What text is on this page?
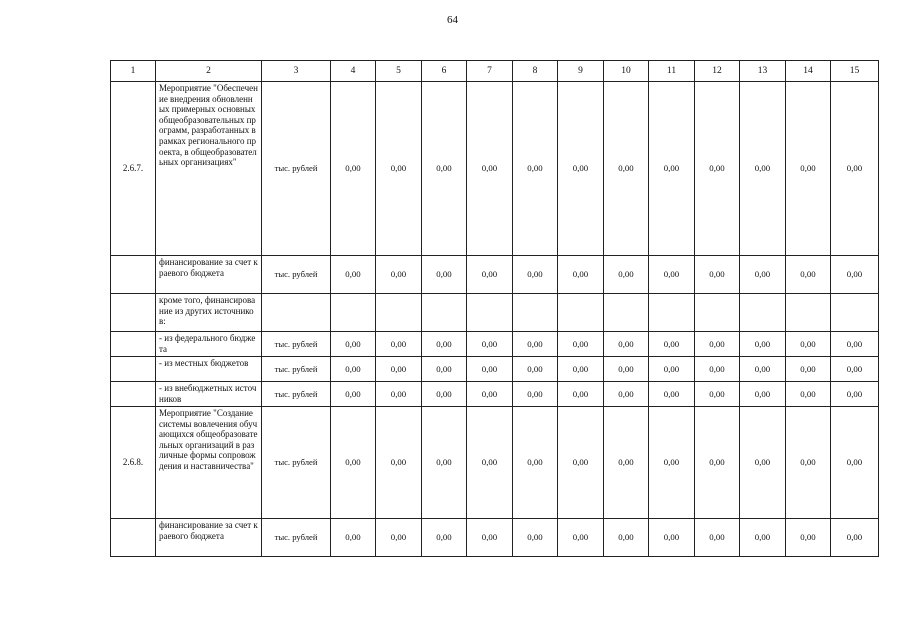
64
1	2	3	4	5	6	7	8	9	10	11	12	13	14	15
2.6.7.	Мероприятие "Обеспечение внедрения обновленных примерных основных общеобразовательных программ, разработанных в рамках регионального проекта, в общеобразовательных организациях"	тыс. рублей	0,00	0,00	0,00	0,00	0,00	0,00	0,00	0,00	0,00	0,00	0,00	0,00
	финансирование за счет краевого бюджета	тыс. рублей	0,00	0,00	0,00	0,00	0,00	0,00	0,00	0,00	0,00	0,00	0,00	0,00
	кроме того, финансирование из других источников:													
	- из федерального бюджета	тыс. рублей	0,00	0,00	0,00	0,00	0,00	0,00	0,00	0,00	0,00	0,00	0,00	0,00
	- из местных бюджетов	тыс. рублей	0,00	0,00	0,00	0,00	0,00	0,00	0,00	0,00	0,00	0,00	0,00	0,00
	- из внебюджетных источников	тыс. рублей	0,00	0,00	0,00	0,00	0,00	0,00	0,00	0,00	0,00	0,00	0,00	0,00
2.6.8.	Мероприятие "Создание системы вовлечения обучающихся общеобразовательных организаций в различные формы сопровождения и наставничества"	тыс. рублей	0,00	0,00	0,00	0,00	0,00	0,00	0,00	0,00	0,00	0,00	0,00	0,00
	финансирование за счет краевого бюджета	тыс. рублей	0,00	0,00	0,00	0,00	0,00	0,00	0,00	0,00	0,00	0,00	0,00	0,00
